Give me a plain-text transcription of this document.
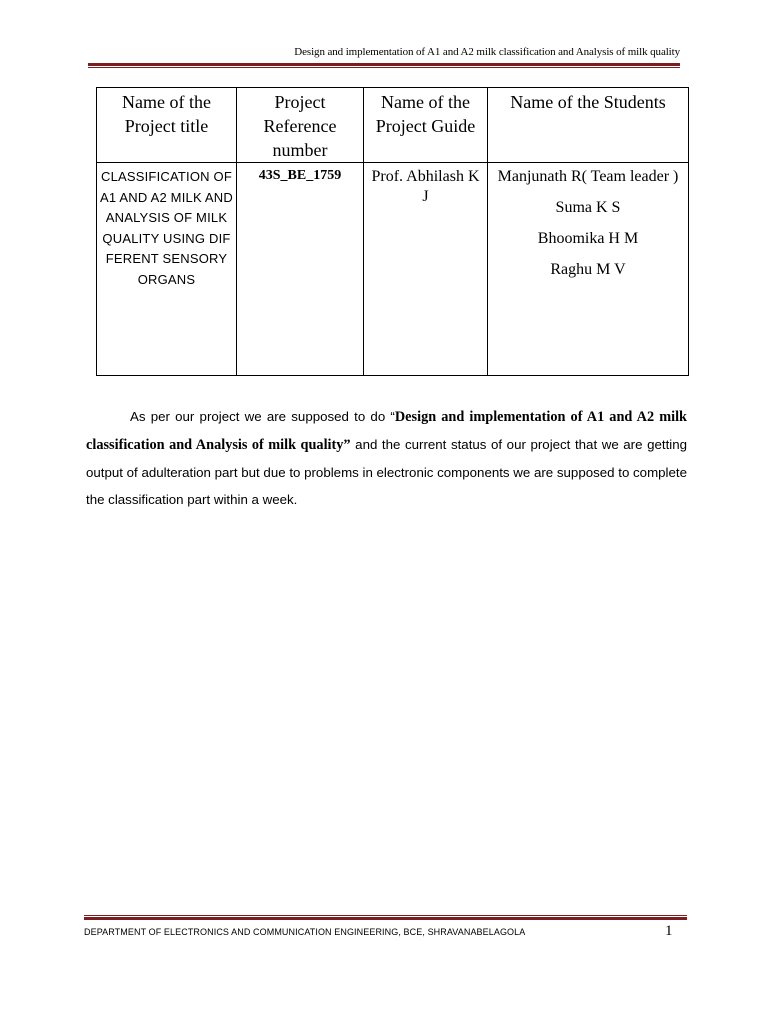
Design and implementation of A1 and A2 milk classification and Analysis of milk quality
Name of the Project title	Project Reference number	Name of the Project Guide	Name of the Students
CLASSIFICATION OF A1 AND A2 MILK AND ANALYSIS OF MILK QUALITY USING DIFFERENT SENSORY ORGANS	43S_BE_1759	Prof. Abhilash K J	Manjunath R( Team leader )
Suma K S
Bhoomika H M
Raghu M V

As per our project we are supposed to do “Design and implementation of A1 and A2 milk classification and Analysis of milk quality” and the current status of our project that we are getting output of adulteration part but due to problems in electronic components we are supposed to complete the classification part within a week.

DEPARTMENT OF ELECTRONICS AND COMMUNICATION ENGINEERING, BCE, SHRAVANABELAGOLA	1
